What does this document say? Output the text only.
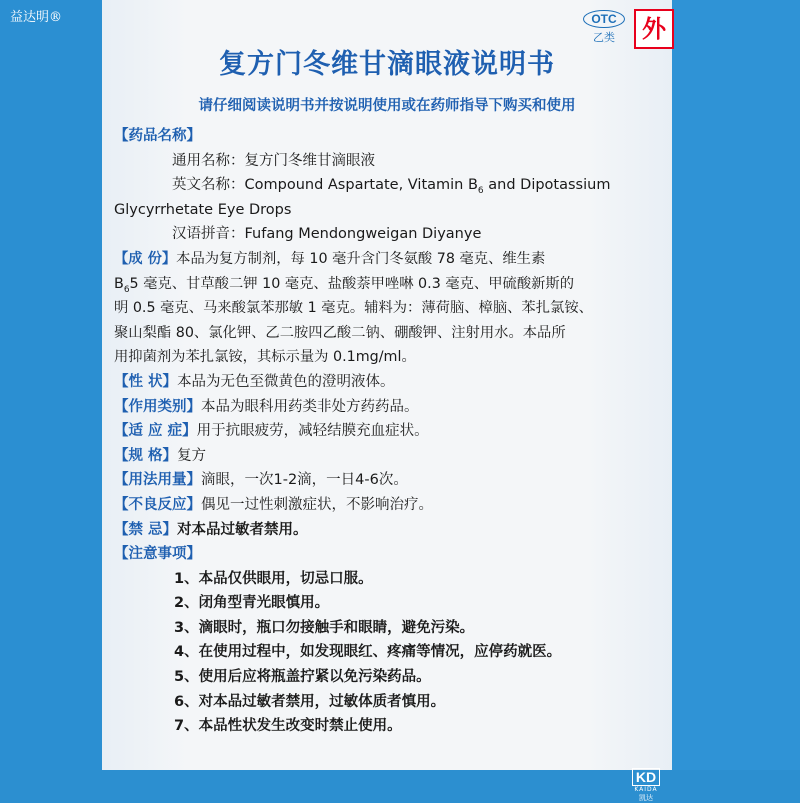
益达明®	OTC
乙类	外
复方门冬维甘滴眼液说明书
请仔细阅读说明书并按说明使用或在药师指导下购买和使用
【药品名称】
通用名称：复方门冬维甘滴眼液
英文名称：Compound Aspartate, Vitamin $B_6$ and Dipotassium
Glycyrrhetate Eye Drops
汉语拼音：Fufang Mendongweigan Diyanye
【成 份】本品为复方制剂，每 10 毫升含门冬氨酸 78 毫克、维生素
$B_65$ 毫克、甘草酸二钾 10 毫克、盐酸萘甲唑啉 0.3 毫克、甲硫酸新斯的
明 0.5 毫克、马来酸氯苯那敏 1 毫克。辅料为：薄荷脑、樟脑、苯扎氯铵、
聚山梨酯 80、氯化钾、乙二胺四乙酸二钠、硼酸钾、注射用水。本品所
用抑菌剂为苯扎氯铵，其标示量为 0.1mg/ml。
【性 状】本品为无色至微黄色的澄明液体。
【作用类别】本品为眼科用药类非处方药药品。
【适 应 症】用于抗眼疲劳，减轻结膜充血症状。
【规 格】复方
【用法用量】滴眼，一次1-2滴，一日4-6次。
【不良反应】偶见一过性刺激症状，不影响治疗。
【禁 忌】对本品过敏者禁用。
【注意事项】
1、本品仅供眼用，切忌口服。
2、闭角型青光眼慎用。
3、滴眼时，瓶口勿接触手和眼睛，避免污染。
4、在使用过程中，如发现眼红、疼痛等情况，应停药就医。
5、使用后应将瓶盖拧紧以免污染药品。
6、对本品过敏者禁用，过敏体质者慎用。
7、本品性状发生改变时禁止使用。
KD
KAIDA
凯达
